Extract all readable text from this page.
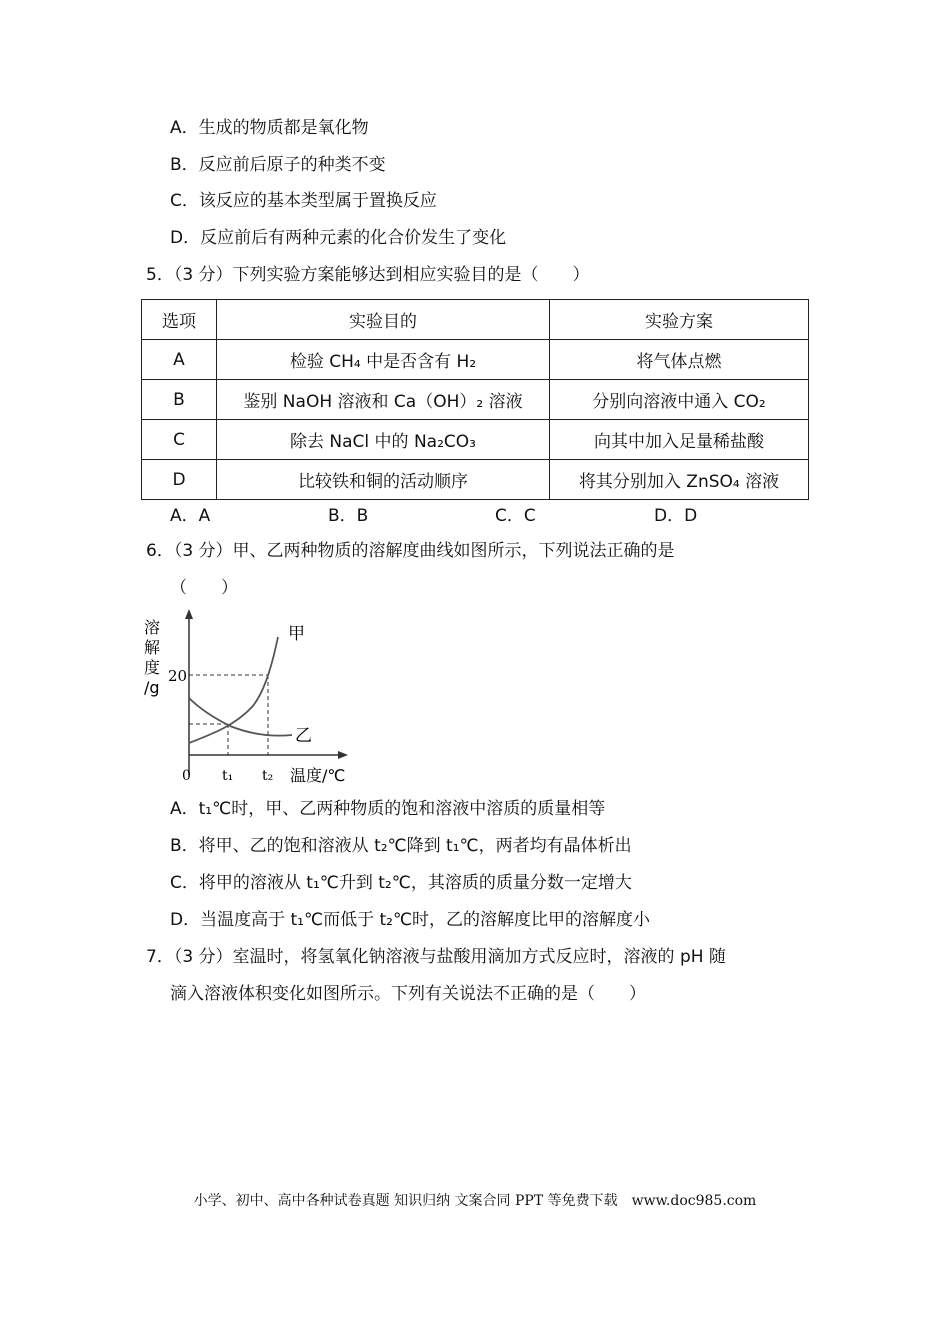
A．生成的物质都是氧化物
B．反应前后原子的种类不变
C．该反应的基本类型属于置换反应
D．反应前后有两种元素的化合价发生了变化
5．（3 分）下列实验方案能够达到相应实验目的是（　　）
选项	实验目的	实验方案
A	检验 CH₄ 中是否含有 H₂	将气体点燃
B	鉴别 NaOH 溶液和 Ca（OH）₂ 溶液	分别向溶液中通入 CO₂
C	除去 NaCl 中的 Na₂CO₃	向其中加入足量稀盐酸
D	比较铁和铜的活动顺序	将其分别加入 ZnSO₄ 溶液
A．A	B．B	C．C	D．D
6．（3 分）甲、乙两种物质的溶解度曲线如图所示，下列说法正确的是
（　　）
溶
解
度
/g
20
0 t₁ t₂ 温度/℃
甲
乙
A．t₁℃时，甲、乙两种物质的饱和溶液中溶质的质量相等
B．将甲、乙的饱和溶液从 t₂℃降到 t₁℃，两者均有晶体析出
C．将甲的溶液从 t₁℃升到 t₂℃，其溶质的质量分数一定增大
D．当温度高于 t₁℃而低于 t₂℃时，乙的溶解度比甲的溶解度小
7．（3 分）室温时，将氢氧化钠溶液与盐酸用滴加方式反应时，溶液的 pH 随
滴入溶液体积变化如图所示。下列有关说法不正确的是（　　）
小学、初中、高中各种试卷真题 知识归纳 文案合同 PPT 等免费下载　www.doc985.com
